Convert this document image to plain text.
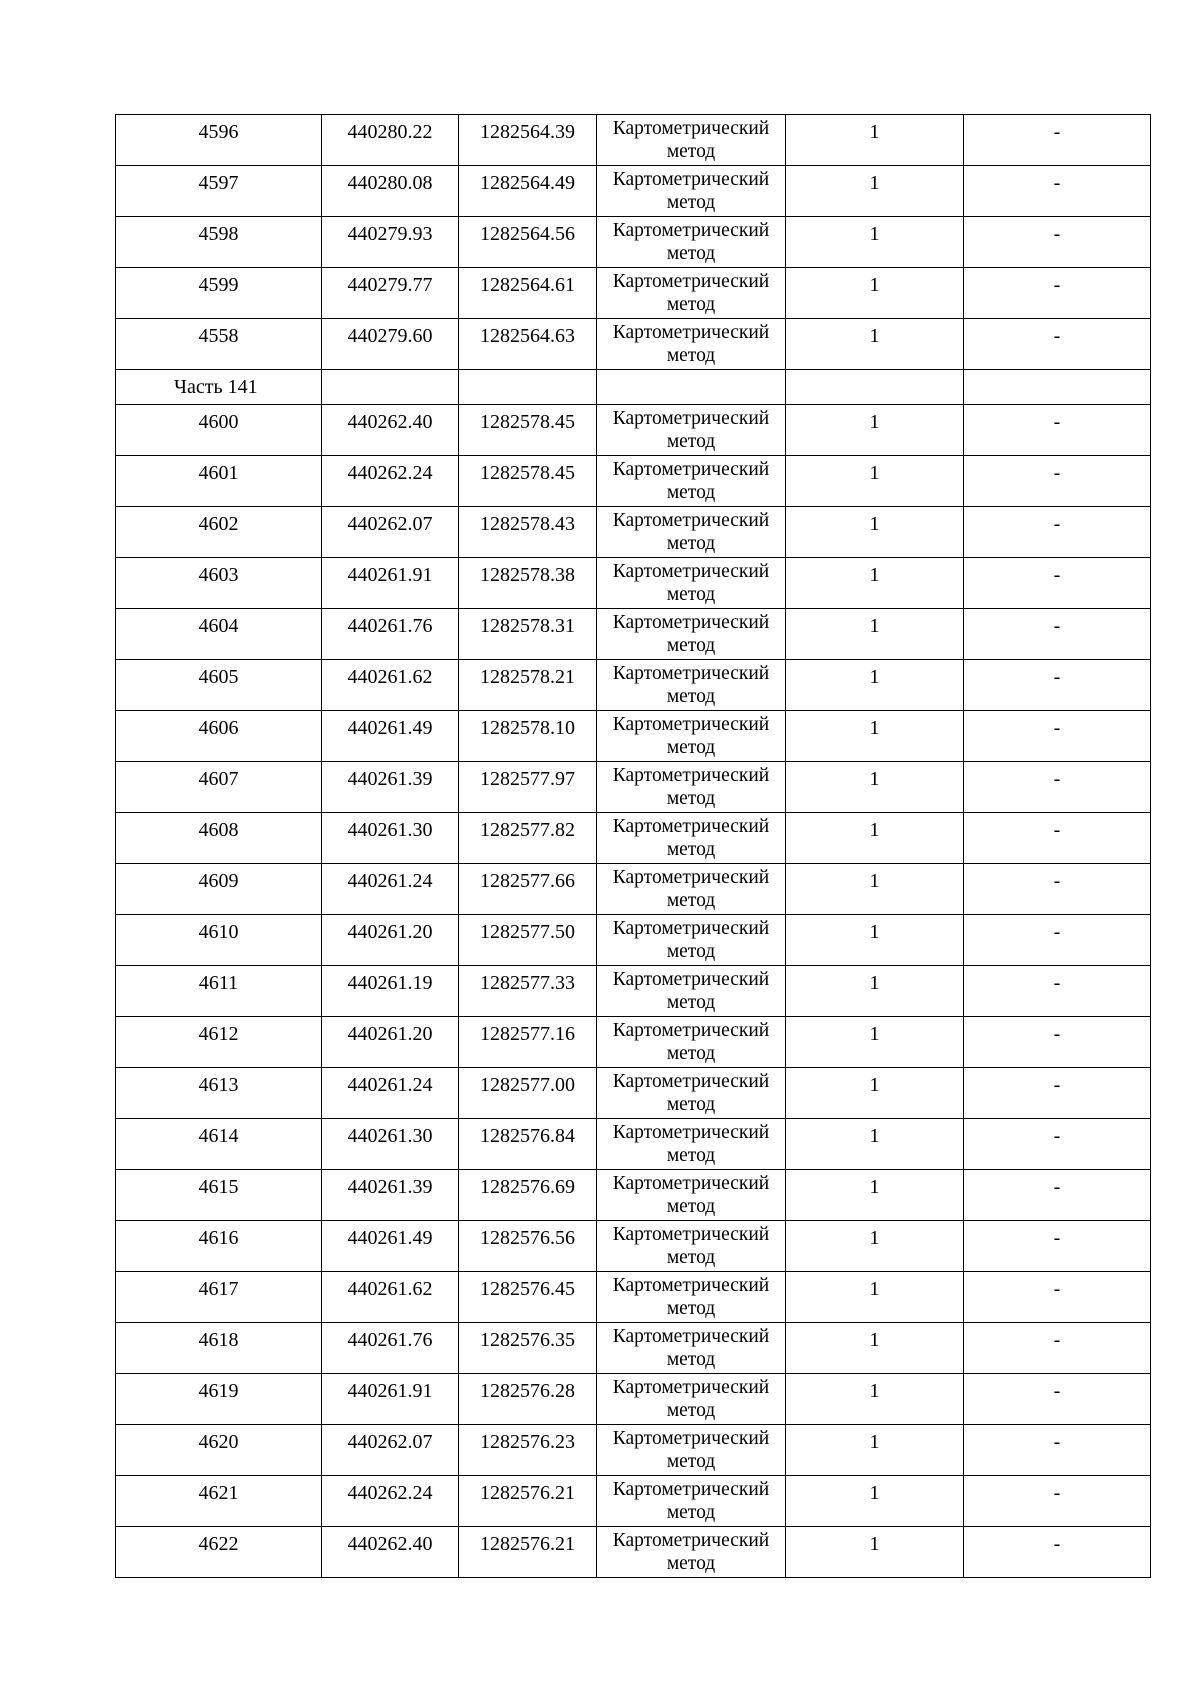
4596	440280.22	1282564.39	Картометрический метод	1	-
4597	440280.08	1282564.49	Картометрический метод	1	-
4598	440279.93	1282564.56	Картометрический метод	1	-
4599	440279.77	1282564.61	Картометрический метод	1	-
4558	440279.60	1282564.63	Картометрический метод	1	-
Часть 141					
4600	440262.40	1282578.45	Картометрический метод	1	-
4601	440262.24	1282578.45	Картометрический метод	1	-
4602	440262.07	1282578.43	Картометрический метод	1	-
4603	440261.91	1282578.38	Картометрический метод	1	-
4604	440261.76	1282578.31	Картометрический метод	1	-
4605	440261.62	1282578.21	Картометрический метод	1	-
4606	440261.49	1282578.10	Картометрический метод	1	-
4607	440261.39	1282577.97	Картометрический метод	1	-
4608	440261.30	1282577.82	Картометрический метод	1	-
4609	440261.24	1282577.66	Картометрический метод	1	-
4610	440261.20	1282577.50	Картометрический метод	1	-
4611	440261.19	1282577.33	Картометрический метод	1	-
4612	440261.20	1282577.16	Картометрический метод	1	-
4613	440261.24	1282577.00	Картометрический метод	1	-
4614	440261.30	1282576.84	Картометрический метод	1	-
4615	440261.39	1282576.69	Картометрический метод	1	-
4616	440261.49	1282576.56	Картометрический метод	1	-
4617	440261.62	1282576.45	Картометрический метод	1	-
4618	440261.76	1282576.35	Картометрический метод	1	-
4619	440261.91	1282576.28	Картометрический метод	1	-
4620	440262.07	1282576.23	Картометрический метод	1	-
4621	440262.24	1282576.21	Картометрический метод	1	-
4622	440262.40	1282576.21	Картометрический метод	1	-
